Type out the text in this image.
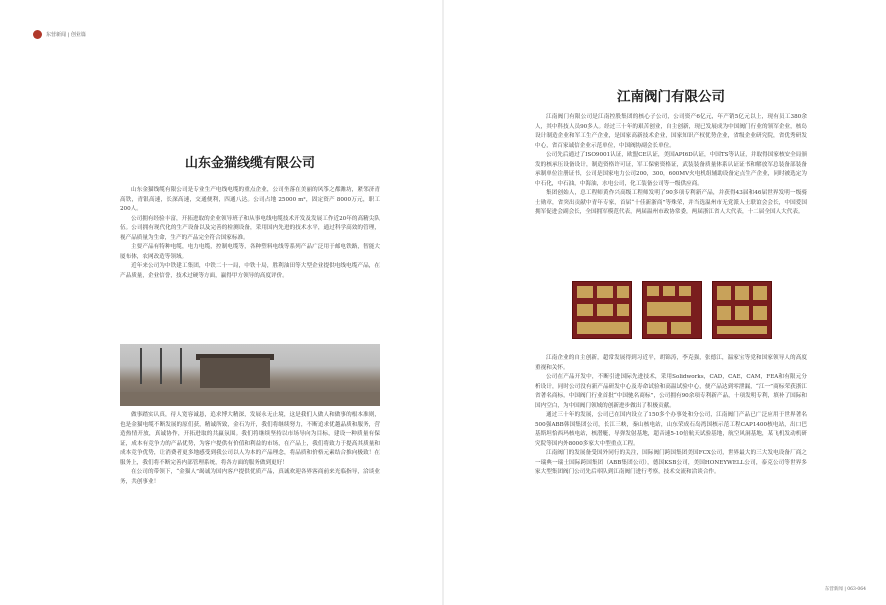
东营新闻 | 创业篇
山东金猫线缆有限公司

山东金猫线缆有限公司是专业生产电线电缆的重点企业，公司坐落在美丽的风筝之都潍坊，紧邻济青高铁，青银高速，长深高速，交通便利，四通八达。公司占地 25000 m²，固定资产 8000万元，职工200人。

公司拥有经验丰富，开拓进取的企业领导班子和从事电线电缆技术开发及发展工作近20年的高精尖队伍。公司拥有现代化的生产设备以及完善的检测设备，采用国内先进的技术水平，通过科学高效的管理，视产品质量为生命，生产的产品完全符合国家标准。

主要产品有特种电缆，电力电缆，控制电缆等，各种塑料电线等系列产品广泛用于邮电铁路，智能大厦布体，农网改造等领域。

近年来公司为中铁建工集团，中铁二十一局，中铁十局，胜利油田等大型企业提供电线电缆产品，在产品质量，企业信誉，技术过硬等方面，赢得甲方领导的高度评价。

做事踏实认真，待人宽容诚恳，追求博大精深，发展永无止境，这是我们人做人和做事的根本准则，也是金猫电缆不断发展的原们获，精诚所致，金石为开，我们将继续努力，不断追求优越品质和服务，营造热情开放，真诚协作，开拓进取的共赢氛围。我们将继续坚持以市场导向为目标，建设一种质量有保证，成本有竞争力的产品优势，为客户提供有价值和利益的市场，在产品上，我们将致力于提高其质量和成本竞争优势，让消费者更多地感受到我公司以人为本的产品理念，将品质和价格元素结合推向极致！在服务上，我们将不断完善内部管理系统，将各方面的服务做到更好！

在公司的带领下，“金猫人”竭诚为国内客户提供优质产品，真诚欢迎各界客商前来光临指导，洽谈业务，共创事业！

江南阀门有限公司

江南阀门有限公司是江南控股集团的核心子公司，公司资产6亿元，年产销5亿元以上，现有员工380余人，其中科技人员90多人。经过三十年的艰苦创业，自主创新，现已发展成为中国阀门行业的领军企业，核岛设计制造企业和军工生产企业，是国家高新技术企业，国家知识产权优势企业，省级企业研究院，省优秀研发中心，省百家诚信企业示范单位，中国阀协副会长单位。

公司先后通过了ISO9001认证，欧盟CE认证，美国API6D认证，中国TS等认证，并取得国家核安全局颁发的核承压设备设计，制造资格许可证，军工保密资格证，武装装备质量体系认证证书和解放军总装备部装备承制单位注册证书，公司是国家电力公司200，300，600MV火电机组辅助设备定点生产企业，同时被选定为中石化，中石油，中海油，水电公司，化工装备公司等一级供应商。

集团创始人，总工程师黄作兴高级工程师发明了90多项专利新产品，并获得43届和46届世界发明一级骑士勋章，省突出贡献中青年专家，首届“十佳新浙商”等殊荣，并当选温州市无党派人士联谊会会长，中国爱国拥军促进会副会长，全国拥军模范代表，两届温州市政协常委，两届浙江省人大代表，十二届全国人大代表。

江南企业的自主创新，超常发展得到习近平，胡锦涛，李克强，张德江，温家宝等党和国家领导人的高度重视和关怀。

公司在产品开发中，不断引进国际先进技术，采用Solidworks，CAD，CAE，CAM，FEA和有限元分析设计，同时公司没有新产品研发中心及寿命试验和高温试验中心，便产品达到零泄漏，“江一”商标荣获浙江省著名商标，中国阀门行业首批“中国驰名商标”，公司拥有90余项专利新产品，十项发明专利，填补了国际和国内空白，为中国阀门领域的创新进步做出了积极贡献。

通过三十年的发展，公司已在国内设立了150多个办事处和分公司，江南阀门产品已广泛应用于世界著名500强ABB韩国集团公司，长江三峡，秦山核电站，山东荣成石岛湾国核示范工程CAP1400核电站，出口巴基斯坦恰西玛核电站，核潜艇，导弹发射基地，超音速5-10倍航天试验基地，航空风洞基地，某飞机发动机研究院等国内外8000多家大中型重点工程。

江南阀门的发展备受国外同行的关注，国际阀门跨国集团美国FCX公司，世界最大的三大发电设备厂商之一瑞典一瑞士国际跨国集团（ABB集团公司），德国KSB公司，美国HONEYWELL公司，泰克公司等世界多家大型集团阀门公司先后率队到江南阀门进行考察，技术交流和洽谈合作。

东营新闻 | 063-064
